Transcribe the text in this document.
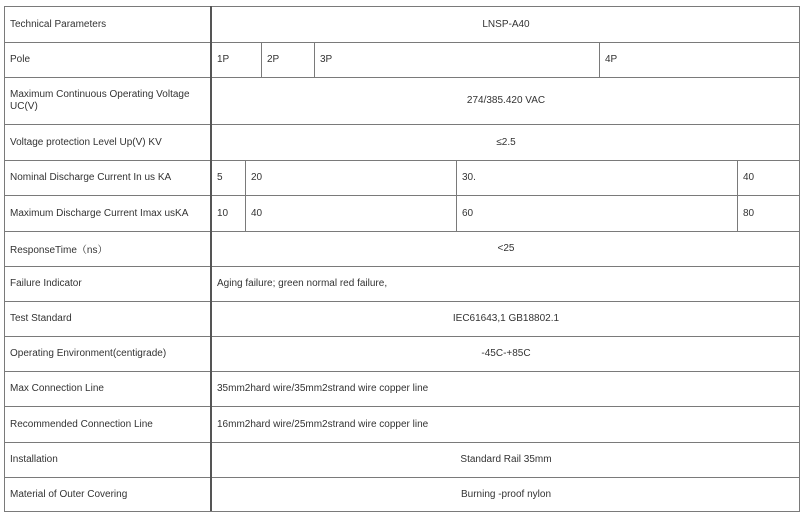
Technical Parameters	LNSP-A40
Pole	1P	2P	3P	4P
Maximum Continuous Operating Voltage UC(V)	274/385.420 VAC
Voltage protection Level Up(V) KV	≤2.5
Nominal Discharge Current In us KA	5	20	30.	40
Maximum Discharge Current Imax usKA	10	40	60	80
ResponseTime（ns）	<25
Failure Indicator	Aging failure; green normal red failure,
Test Standard	IEC61643,1 GB18802.1
Operating Environment(centigrade)	-45C-+85C
Max Connection Line	35mm2hard wire/35mm2strand wire copper line
Recommended Connection Line	16mm2hard wire/25mm2strand wire copper line
Installation	Standard Rail 35mm
Material of Outer Covering	Burning -proof nylon
